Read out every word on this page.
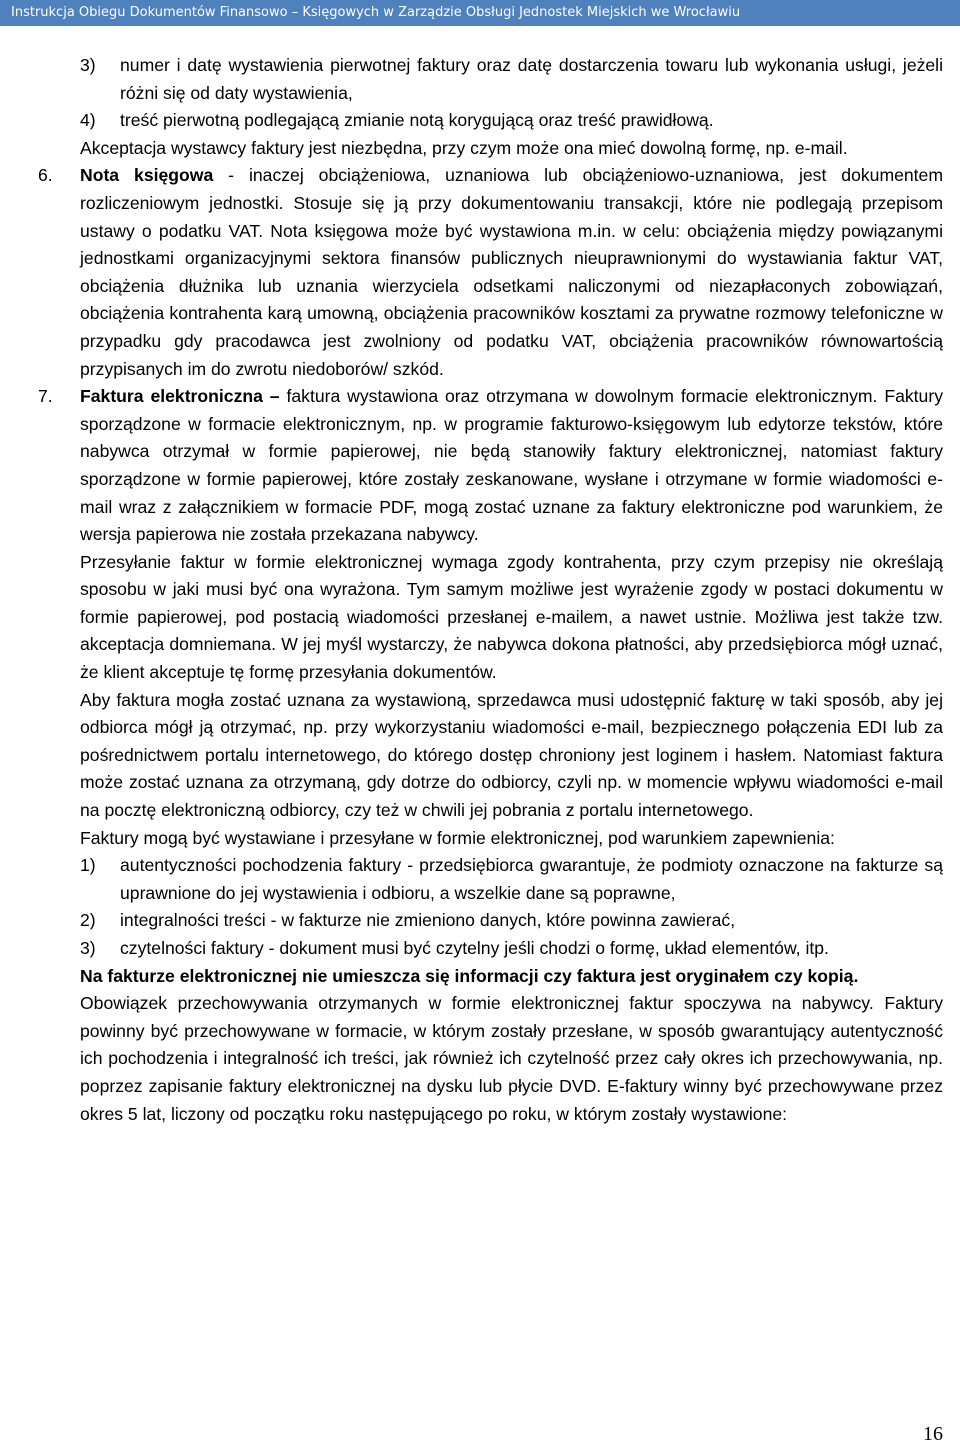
Instrukcja Obiegu Dokumentów Finansowo – Księgowych w Zarządzie Obsługi Jednostek Miejskich we Wrocławiu

3) numer i datę wystawienia pierwotnej faktury oraz datę dostarczenia towaru lub wykonania usługi, jeżeli różni się od daty wystawienia,

4) treść pierwotną podlegającą zmianie notą korygującą oraz treść prawidłową.

Akceptacja wystawcy faktury jest niezbędna, przy czym może ona mieć dowolną formę, np. e-mail.

6. Nota księgowa - inaczej obciążeniowa, uznaniowa lub obciążeniowo-uznaniowa, jest dokumentem rozliczeniowym jednostki. Stosuje się ją przy dokumentowaniu transakcji, które nie podlegają przepisom ustawy o podatku VAT. Nota księgowa może być wystawiona m.in. w celu: obciążenia między powiązanymi jednostkami organizacyjnymi sektora finansów publicznych nieuprawnionymi do wystawiania faktur VAT, obciążenia dłużnika lub uznania wierzyciela odsetkami naliczonymi od niezapłaconych zobowiązań, obciążenia kontrahenta karą umowną, obciążenia pracowników kosztami za prywatne rozmowy telefoniczne w przypadku gdy pracodawca jest zwolniony od podatku VAT, obciążenia pracowników równowartością przypisanych im do zwrotu niedoborów/ szkód.

7. Faktura elektroniczna – faktura wystawiona oraz otrzymana w dowolnym formacie elektronicznym. Faktury sporządzone w formacie elektronicznym, np. w programie fakturowo-księgowym lub edytorze tekstów, które nabywca otrzymał w formie papierowej, nie będą stanowiły faktury elektronicznej, natomiast faktury sporządzone w formie papierowej, które zostały zeskanowane, wysłane i otrzymane w formie wiadomości e-mail wraz z załącznikiem w formacie PDF, mogą zostać uznane za faktury elektroniczne pod warunkiem, że wersja papierowa nie została przekazana nabywcy.

Przesyłanie faktur w formie elektronicznej wymaga zgody kontrahenta, przy czym przepisy nie określają sposobu w jaki musi być ona wyrażona. Tym samym możliwe jest wyrażenie zgody w postaci dokumentu w formie papierowej, pod postacią wiadomości przesłanej e-mailem, a nawet ustnie. Możliwa jest także tzw. akceptacja domniemana. W jej myśl wystarczy, że nabywca dokona płatności, aby przedsiębiorca mógł uznać, że klient akceptuje tę formę przesyłania dokumentów.

Aby faktura mogła zostać uznana za wystawioną, sprzedawca musi udostępnić fakturę w taki sposób, aby jej odbiorca mógł ją otrzymać, np. przy wykorzystaniu wiadomości e-mail, bezpiecznego połączenia EDI lub za pośrednictwem portalu internetowego, do którego dostęp chroniony jest loginem i hasłem. Natomiast faktura może zostać uznana za otrzymaną, gdy dotrze do odbiorcy, czyli np. w momencie wpływu wiadomości e-mail na pocztę elektroniczną odbiorcy, czy też w chwili jej pobrania z portalu internetowego.

Faktury mogą być wystawiane i przesyłane w formie elektronicznej, pod warunkiem zapewnienia:

1) autentyczności pochodzenia faktury - przedsiębiorca gwarantuje, że podmioty oznaczone na fakturze są uprawnione do jej wystawienia i odbioru, a wszelkie dane są poprawne,

2) integralności treści - w fakturze nie zmieniono danych, które powinna zawierać,

3) czytelności faktury - dokument musi być czytelny jeśli chodzi o formę, układ elementów, itp.

Na fakturze elektronicznej nie umieszcza się informacji czy faktura jest oryginałem czy kopią.

Obowiązek przechowywania otrzymanych w formie elektronicznej faktur spoczywa na nabywcy. Faktury powinny być przechowywane w formacie, w którym zostały przesłane, w sposób gwarantujący autentyczność ich pochodzenia i integralność ich treści, jak również ich czytelność przez cały okres ich przechowywania, np. poprzez zapisanie faktury elektronicznej na dysku lub płycie DVD. E-faktury winny być przechowywane przez okres 5 lat, liczony od początku roku następującego po roku, w którym zostały wystawione:

16
